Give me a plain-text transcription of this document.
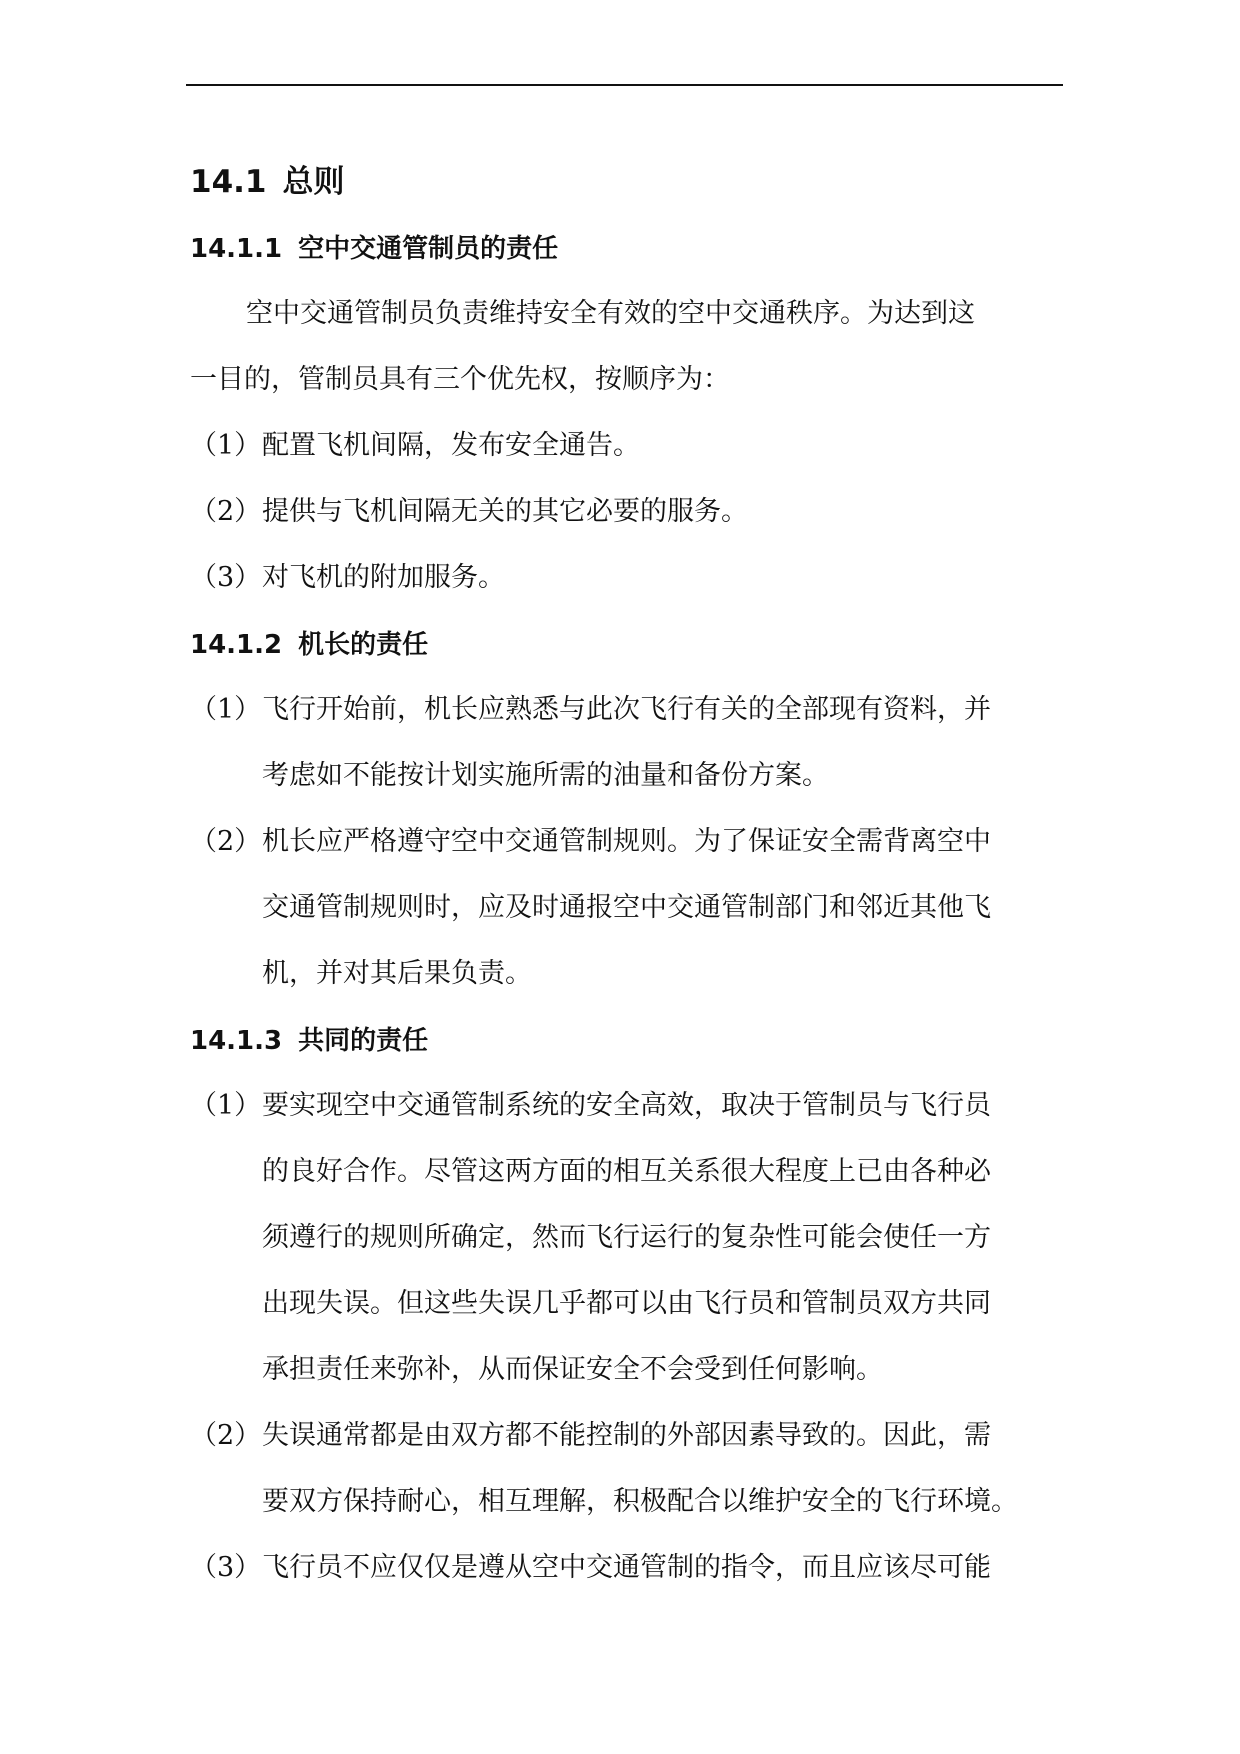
14.1 总则
14.1.1 空中交通管制员的责任
空中交通管制员负责维持安全有效的空中交通秩序。为达到这
一目的，管制员具有三个优先权，按顺序为：
（1） 配置飞机间隔，发布安全通告。
（2） 提供与飞机间隔无关的其它必要的服务。
（3） 对飞机的附加服务。
14.1.2 机长的责任
（1） 飞行开始前，机长应熟悉与此次飞行有关的全部现有资料，并
考虑如不能按计划实施所需的油量和备份方案。
（2） 机长应严格遵守空中交通管制规则。为了保证安全需背离空中
交通管制规则时，应及时通报空中交通管制部门和邻近其他飞
机，并对其后果负责。
14.1.3 共同的责任
（1） 要实现空中交通管制系统的安全高效，取决于管制员与飞行员
的良好合作。尽管这两方面的相互关系很大程度上已由各种必
须遵行的规则所确定，然而飞行运行的复杂性可能会使任一方
出现失误。但这些失误几乎都可以由飞行员和管制员双方共同
承担责任来弥补，从而保证安全不会受到任何影响。
（2） 失误通常都是由双方都不能控制的外部因素导致的。因此，需
要双方保持耐心，相互理解，积极配合以维护安全的飞行环境。
（3） 飞行员不应仅仅是遵从空中交通管制的指令，而且应该尽可能
